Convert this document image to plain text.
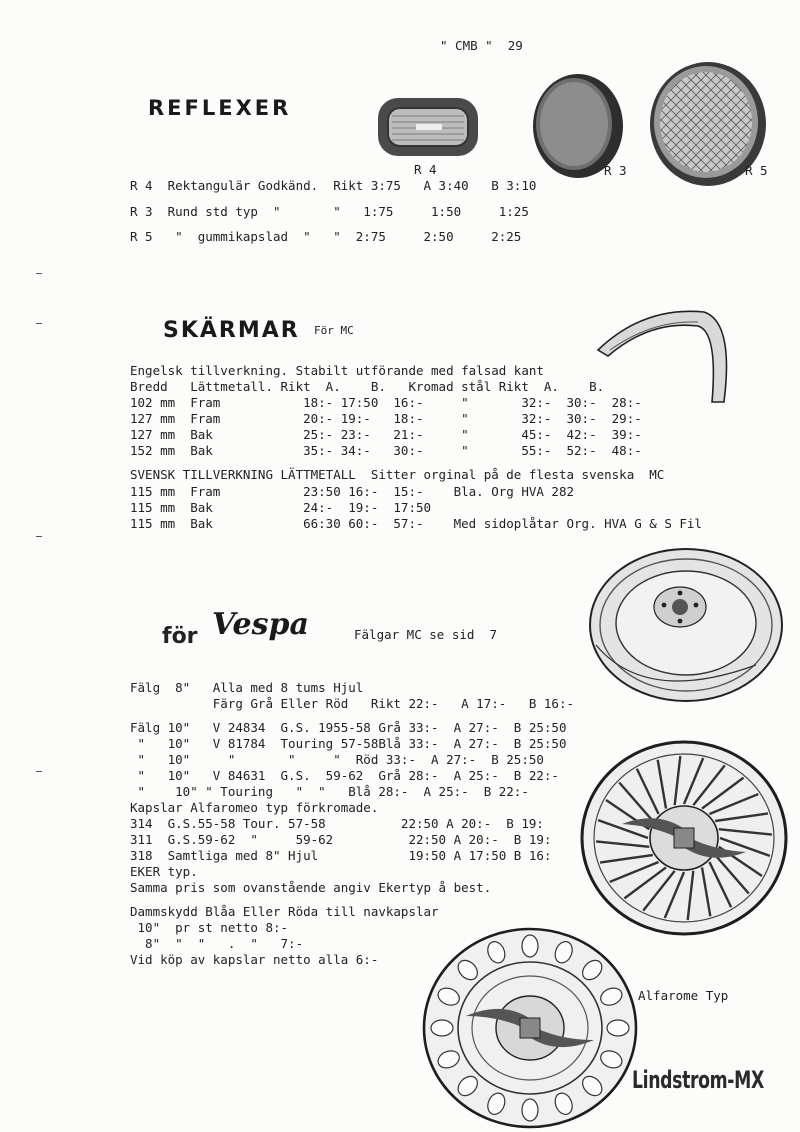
" CMB "  29
REFLEXER
R 4	R 3	R 5
R 4  Rektangulär Godkänd.  Rikt 3:75   A 3:40   B 3:10
R 3  Rund std typ  "       "   1:75     1:50     1:25
R 5   "  gummikapslad  "   "  2:75     2:50     2:25
SKÄRMAR För MC
Engelsk tillverkning. Stabilt utförande med falsad kant
Bredd   Lättmetall. Rikt  A.    B.   Kromad stål Rikt  A.    B.
102 mm  Fram           18:- 17:50  16:-     "       32:-  30:-  28:-
127 mm  Fram           20:- 19:-   18:-     "       32:-  30:-  29:-
127 mm  Bak            25:- 23:-   21:-     "       45:-  42:-  39:-
152 mm  Bak            35:- 34:-   30:-     "       55:-  52:-  48:-
SVENSK TILLVERKNING LÄTTMETALL  Sitter orginal på de flesta svenska  MC
115 mm  Fram           23:50 16:-  15:-    Bla. Org HVA 282
115 mm  Bak            24:-  19:-  17:50
115 mm  Bak            66:30 60:-  57:-    Med sidoplåtar Org. HVA G & S Fil
för Vespa	Fälgar MC se sid  7
Fälg  8"   Alla med 8 tums Hjul
Färg Grå Eller Röd   Rikt 22:-   A 17:-   B 16:-
Fälg 10"   V 24834  G.S. 1955-58 Grå 33:-  A 27:-  B 25:50
"   10"   V 81784  Touring 57-58Blå 33:-  A 27:-  B 25:50
"   10"     "       "     "  Röd 33:-  A 27:-  B 25:50
"   10"   V 84631  G.S.  59-62  Grå 28:-  A 25:-  B 22:-
"    10" " Touring   "  "   Blå 28:-  A 25:-  B 22:-
Kapslar Alfaromeo typ förkromade.
314  G.S.55-58 Tour. 57-58          22:50 A 20:-  B 19:
311  G.S.59-62  "     59-62          22:50 A 20:-  B 19:
318  Samtliga med 8" Hjul            19:50 A 17:50 B 16:
EKER typ.
Samma pris som ovanstående angiv Ekertyp å best.
Dammskydd Blåa Eller Röda till navkapslar
10"  pr st netto 8:-
8"  "  "   .  "   7:-
Vid köp av kapslar netto alla 6:-
Alfarome Typ
Lindstrom-MX
